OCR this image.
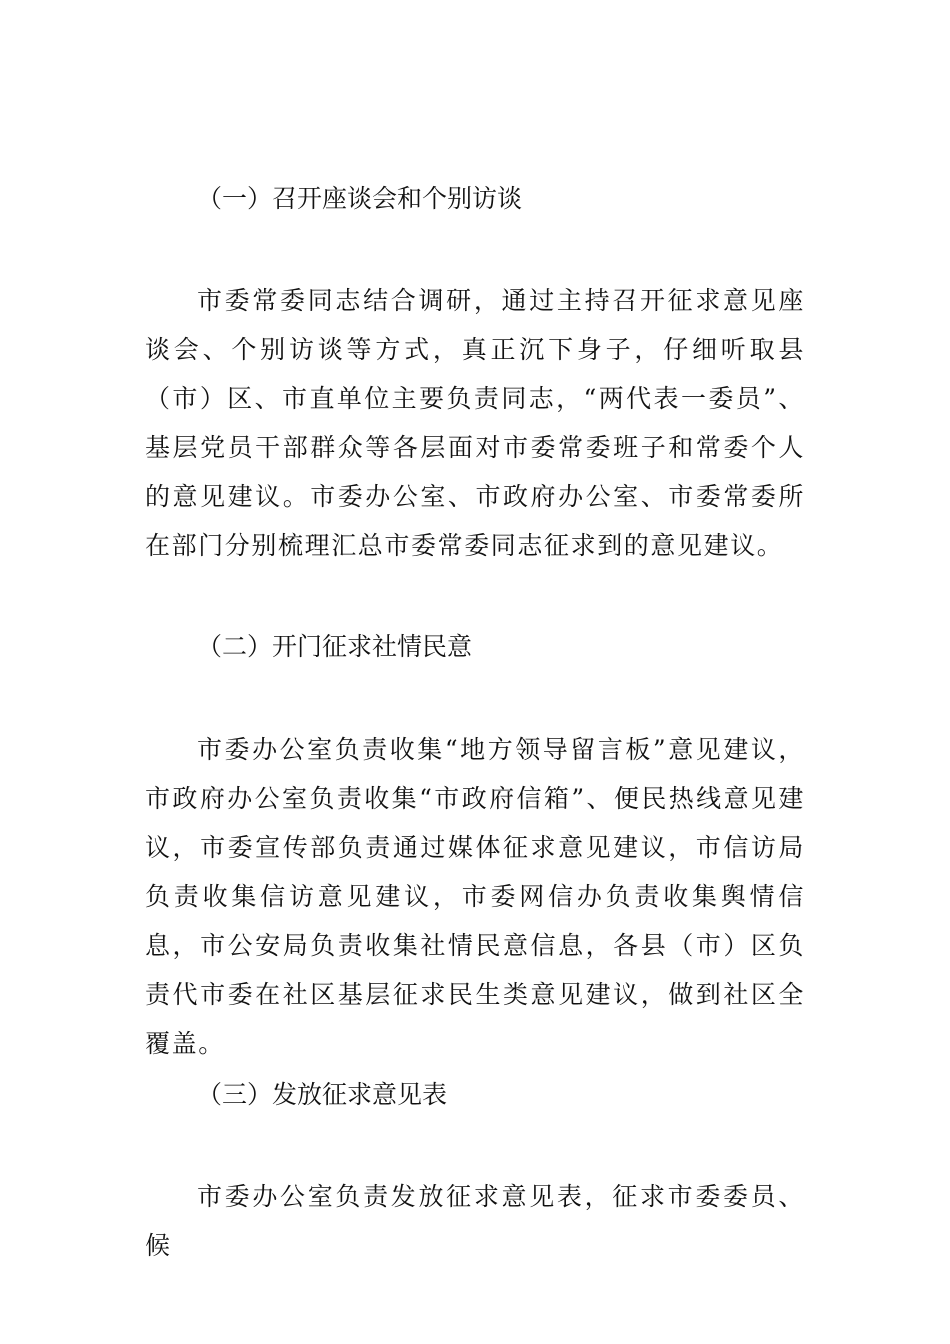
（一）召开座谈会和个别访谈
市委常委同志结合调研，通过主持召开征求意见座谈会、个别访谈等方式，真正沉下身子，仔细听取县（市）区、市直单位主要负责同志，“两代表一委员”、基层党员干部群众等各层面对市委常委班子和常委个人的意见建议。市委办公室、市政府办公室、市委常委所在部门分别梳理汇总市委常委同志征求到的意见建议。
（二）开门征求社情民意
市委办公室负责收集“地方领导留言板”意见建议，市政府办公室负责收集“市政府信箱”、便民热线意见建议，市委宣传部负责通过媒体征求意见建议，市信访局负责收集信访意见建议，市委网信办负责收集舆情信息，市公安局负责收集社情民意信息，各县（市）区负责代市委在社区基层征求民生类意见建议，做到社区全覆盖。
（三）发放征求意见表
市委办公室负责发放征求意见表，征求市委委员、候
